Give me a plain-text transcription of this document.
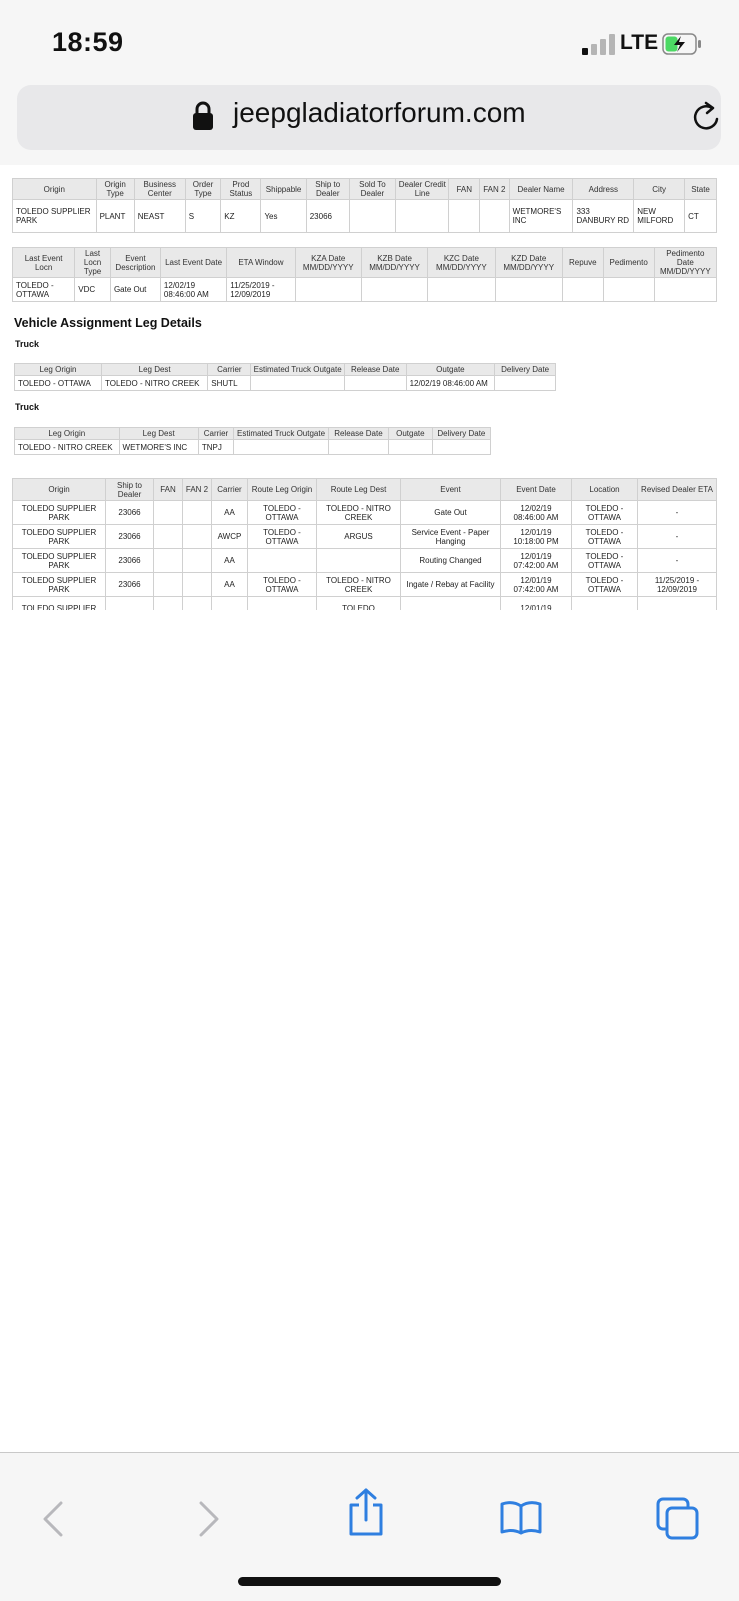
18:59	LTE
jeepgladiatorforum.com
Origin	Origin Type	Business Center	Order Type	Prod Status	Shippable	Ship to Dealer	Sold To Dealer	Dealer Credit Line	FAN	FAN 2	Dealer Name	Address	City	State
TOLEDO SUPPLIER PARK	PLANT	NEAST	S	KZ	Yes	23066					WETMORE'S INC	333 DANBURY RD	NEW MILFORD	CT
Last Event Locn	Last Locn Type	Event Description	Last Event Date	ETA Window	KZA Date MM/DD/YYYY	KZB Date MM/DD/YYYY	KZC Date MM/DD/YYYY	KZD Date MM/DD/YYYY	Repuve	Pedimento	Pedimento Date MM/DD/YYYY
TOLEDO - OTTAWA	VDC	Gate Out	12/02/19 08:46:00 AM	11/25/2019 - 12/09/2019							
Vehicle Assignment Leg Details
Truck
Leg Origin	Leg Dest	Carrier	Estimated Truck Outgate	Release Date	Outgate	Delivery Date
TOLEDO - OTTAWA	TOLEDO - NITRO CREEK	SHUTL			12/02/19 08:46:00 AM	
Truck
Leg Origin	Leg Dest	Carrier	Estimated Truck Outgate	Release Date	Outgate	Delivery Date
TOLEDO - NITRO CREEK	WETMORE'S INC	TNPJ				
Origin	Ship to Dealer	FAN	FAN 2	Carrier	Route Leg Origin	Route Leg Dest	Event	Event Date	Location	Revised Dealer ETA
TOLEDO SUPPLIER PARK	23066			AA	TOLEDO - OTTAWA	TOLEDO - NITRO CREEK	Gate Out	12/02/19 08:46:00 AM	TOLEDO - OTTAWA	-
TOLEDO SUPPLIER PARK	23066			AWCP	TOLEDO - OTTAWA	ARGUS	Service Event - Paper Hanging	12/01/19 10:18:00 PM	TOLEDO - OTTAWA	-
TOLEDO SUPPLIER PARK	23066			AA			Routing Changed	12/01/19 07:42:00 AM	TOLEDO - OTTAWA	-
TOLEDO SUPPLIER PARK	23066			AA	TOLEDO - OTTAWA	TOLEDO - NITRO CREEK	Ingate / Rebay at Facility	12/01/19 07:42:00 AM	TOLEDO - OTTAWA	11/25/2019 - 12/09/2019
TOLEDO SUPPLIER						TOLEDO		12/01/19		
